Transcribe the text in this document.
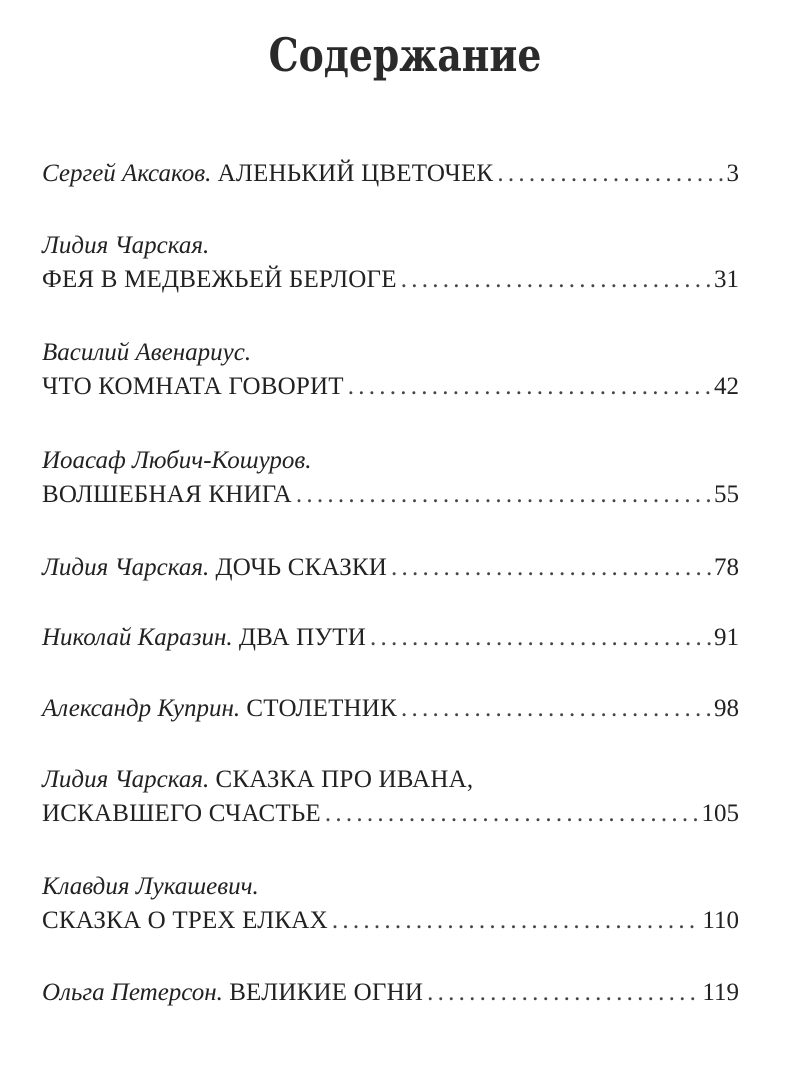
Содержание
Сергей Аксаков.
АЛЕНЬКИЙ ЦВЕТОЧЕК . . .	3
Лидия Чарская.
ФЕЯ В МЕДВЕЖЬЕЙ БЕРЛОГЕ . . .	31
Василий Авенариус.
ЧТО КОМНАТА ГОВОРИТ . . .	42
Иоасаф Любич-Кошуров.
ВОЛШЕБНАЯ КНИГА . . .	55
Лидия Чарская.
ДОЧЬ СКАЗКИ . . .	78
Николай Каразин.
ДВА ПУТИ . . .	91
Александр Куприн.
СТОЛЕТНИК . . .	98
Лидия Чарская.
СКАЗКА ПРО ИВАНА,
ИСКАВШЕГО СЧАСТЬЕ . . .	105
Клавдия Лукашевич.
СКАЗКА О ТРЕХ ЕЛКАХ . . .	110
Ольга Петерсон.
ВЕЛИКИЕ ОГНИ . . .	119
